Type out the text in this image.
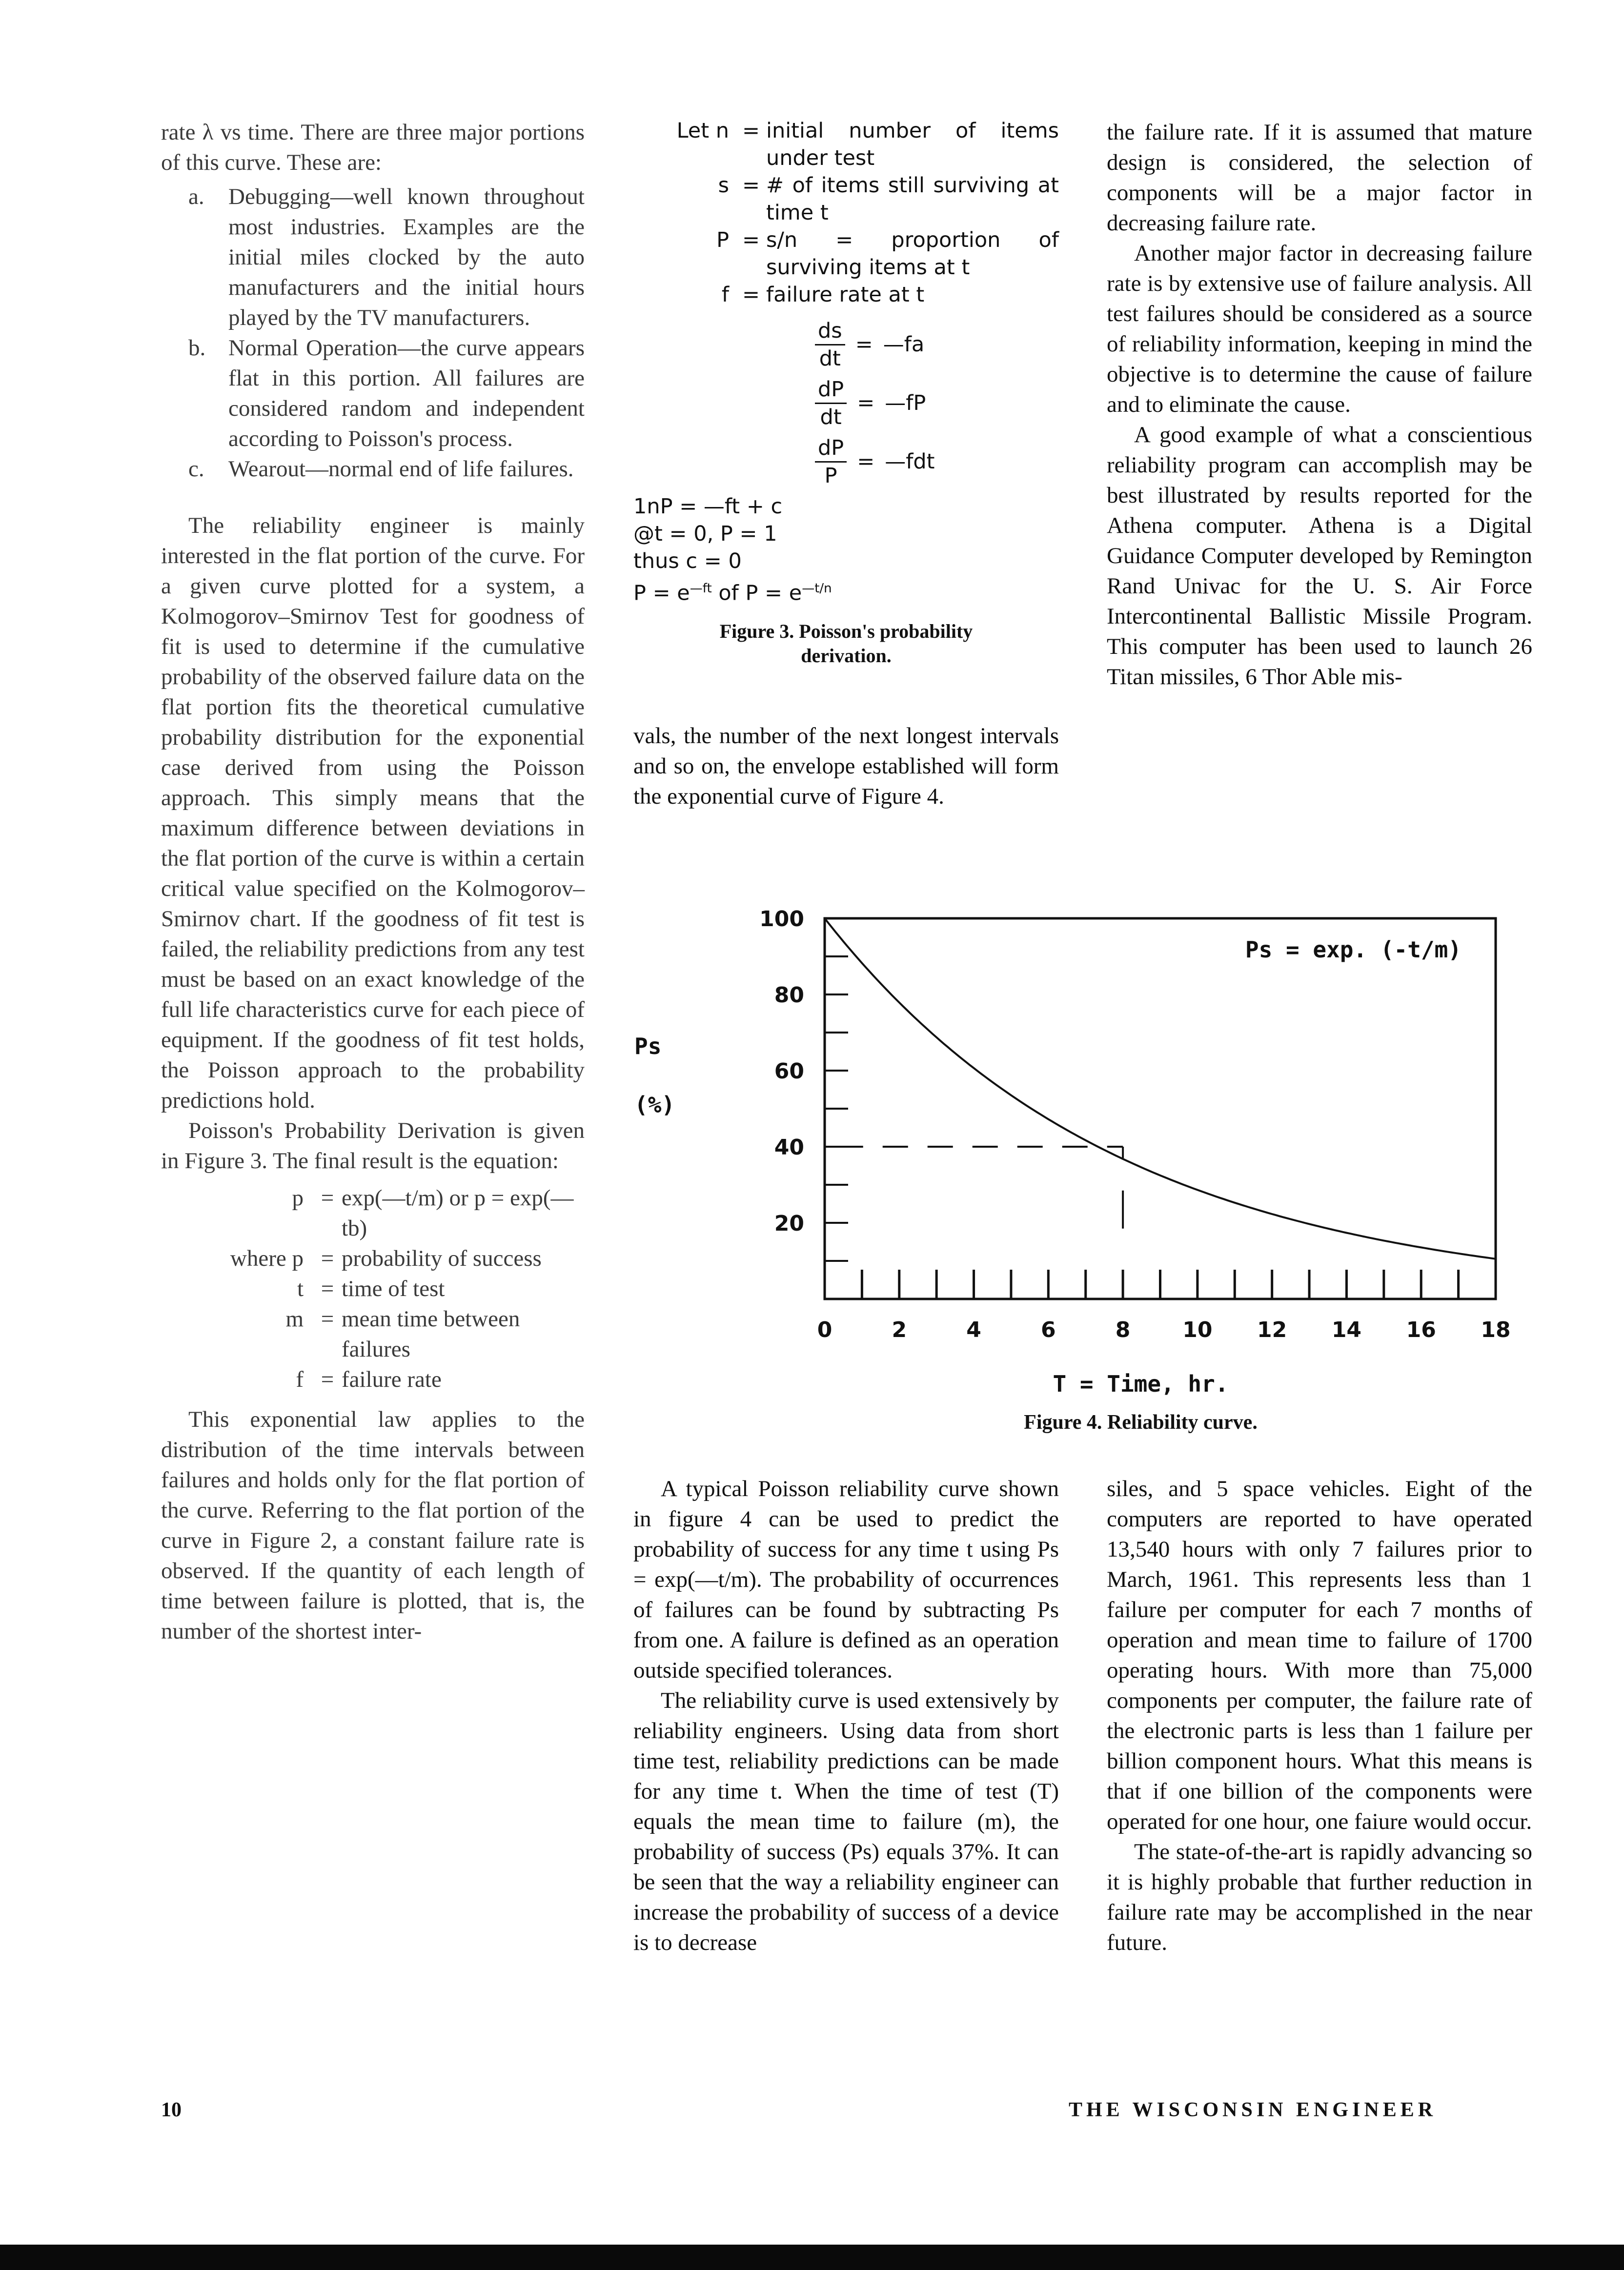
rate λ vs time. There are three major portions of this curve. These are:

a. Debugging—well known throughout most industries. Examples are the initial miles clocked by the auto manufacturers and the initial hours played by the TV manufacturers.

b. Normal Operation—the curve appears flat in this portion. All failures are considered random and independent according to Poisson's process.

c. Wearout—normal end of life failures.

The reliability engineer is mainly interested in the flat portion of the curve. For a given curve plotted for a system, a Kolmogorov–Smirnov Test for goodness of fit is used to determine if the cumulative probability of the observed failure data on the flat portion fits the theoretical cumulative probability distribution for the exponential case derived from using the Poisson approach. This simply means that the maximum difference between deviations in the flat portion of the curve is within a certain critical value specified on the Kolmogorov–Smirnov chart. If the goodness of fit test is failed, the reliability predictions from any test must be based on an exact knowledge of the full life characteristics curve for each piece of equipment. If the goodness of fit test holds, the Poisson approach to the probability predictions hold.

Poisson's Probability Derivation is given in Figure 3. The final result is the equation:

p = exp(—t/m) or p = exp(—tb)
where p = probability of success
t = time of test
m = mean time between failures
f = failure rate

This exponential law applies to the distribution of the time intervals between failures and holds only for the flat portion of the curve. Referring to the flat portion of the curve in Figure 2, a constant failure rate is observed. If the quantity of each length of time between failure is plotted, that is, the number of the shortest inter-

Let n = initial number of items under test
s = # of items still surviving at time t
P = s/n = proportion of surviving items at t
f = failure rate at t
$\frac{ds}{dt}$ = —fa
$\frac{dP}{dt}$ = —fP
$\frac{dP}{P}$ = —fdt
1nP = —ft + c
@t = 0, P = 1
thus c = 0
$P = e^{—ft}$ of $P = e^{—t/n}$
Figure 3. Poisson's probability derivation.

vals, the number of the next longest intervals and so on, the envelope established will form the exponential curve of Figure 4.

the failure rate. If it is assumed that mature design is considered, the selection of components will be a major factor in decreasing failure rate.

Another major factor in decreasing failure rate is by extensive use of failure analysis. All test failures should be considered as a source of reliability information, keeping in mind the objective is to determine the cause of failure and to eliminate the cause.

A good example of what a conscientious reliability program can accomplish may be best illustrated by results reported for the Athena computer. Athena is a Digital Guidance Computer developed by Remington Rand Univac for the U. S. Air Force Intercontinental Ballistic Missile Program. This computer has been used to launch 26 Titan missiles, 6 Thor Able mis-

20
40
60
80
100
0	2	4	6	8 10 12 14 16 18
Ps = exp. (-t/m)
Ps
(%)
T = Time, hr.
Figure 4. Reliability curve.

A typical Poisson reliability curve shown in figure 4 can be used to predict the probability of success for any time t using Ps = exp(—t/m). The probability of occurrences of failures can be found by subtracting Ps from one. A failure is defined as an operation outside specified tolerances.

The reliability curve is used extensively by reliability engineers. Using data from short time test, reliability predictions can be made for any time t. When the time of test (T) equals the mean time to failure (m), the probability of success (Ps) equals 37%. It can be seen that the way a reliability engineer can increase the probability of success of a device is to decrease

siles, and 5 space vehicles. Eight of the computers are reported to have operated 13,540 hours with only 7 failures prior to March, 1961. This represents less than 1 failure per computer for each 7 months of operation and mean time to failure of 1700 operating hours. With more than 75,000 components per computer, the failure rate of the electronic parts is less than 1 failure per billion component hours. What this means is that if one billion of the components were operated for one hour, one faiure would occur.

The state-of-the-art is rapidly advancing so it is highly probable that further reduction in failure rate may be accomplished in the near future.

10	THE WISCONSIN ENGINEER
